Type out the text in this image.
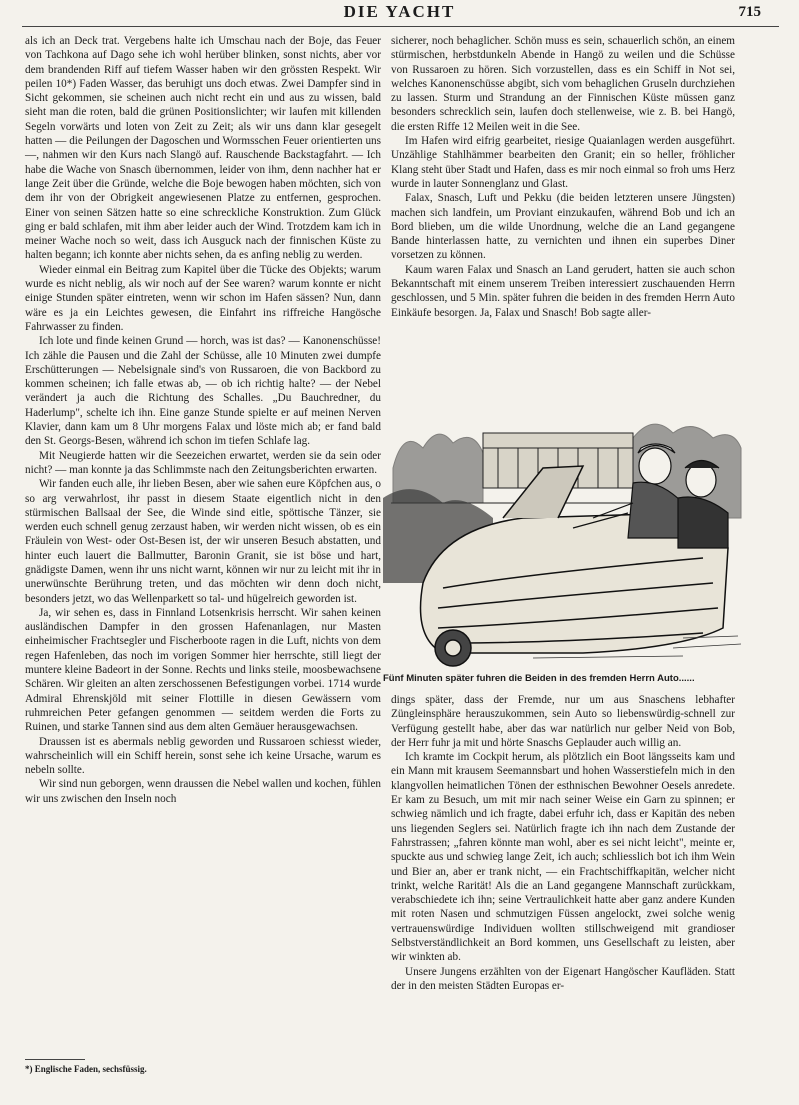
DIE YACHT	715

als ich an Deck trat. Vergebens halte ich Umschau nach der Boje, das Feuer von Tachkona auf Dago sehe ich wohl herüber blinken, sonst nichts, aber vor dem brandenden Riff auf tiefem Wasser haben wir den grössten Respekt. Wir peilen 10*) Faden Wasser, das beruhigt uns doch etwas. Zwei Dampfer sind in Sicht gekommen, sie scheinen auch nicht recht ein und aus zu wissen, bald sieht man die roten, bald die grünen Positionslichter; wir laufen mit killenden Segeln vorwärts und loten von Zeit zu Zeit; als wir uns dann klar gesegelt hatten — die Peilungen der Dagoschen und Wormsschen Feuer orientierten uns —, nahmen wir den Kurs nach Slangö auf. Rauschende Backstagfahrt. — Ich habe die Wache von Snasch übernommen, leider von ihm, denn nachher hat er lange Zeit über die Gründe, welche die Boje bewogen haben möchten, sich von dem ihr von der Obrigkeit angewiesenen Platze zu entfernen, gesprochen. Einer von seinen Sätzen hatte so eine schreckliche Konstruktion. Zum Glück ging er bald schlafen, mit ihm aber leider auch der Wind. Trotzdem kam ich in meiner Wache noch so weit, dass ich Ausguck nach der finnischen Küste zu halten begann; ich konnte aber nichts sehen, da es anfing neblig zu werden.

Wieder einmal ein Beitrag zum Kapitel über die Tücke des Objekts; warum wurde es nicht neblig, als wir noch auf der See waren? warum konnte er nicht einige Stunden später eintreten, wenn wir schon im Hafen sässen? Nun, dann wäre es ja ein Leichtes gewesen, die Einfahrt ins riffreiche Hangösche Fahrwasser zu finden.

Ich lote und finde keinen Grund — horch, was ist das? — Kanonenschüsse! Ich zähle die Pausen und die Zahl der Schüsse, alle 10 Minuten zwei dumpfe Erschütterungen — Nebelsignale sind's von Russaroen, die von Backbord zu kommen scheinen; ich falle etwas ab, — ob ich richtig halte? — der Nebel verändert ja auch die Richtung des Schalles. „Du Bauchredner, du Haderlump", schelte ich ihn. Eine ganze Stunde spielte er auf meinen Nerven Klavier, dann kam um 8 Uhr morgens Falax und löste mich ab; er fand bald den St. Georgs-Besen, während ich schon im tiefen Schlafe lag.

Mit Neugierde hatten wir die Seezeichen erwartet, werden sie da sein oder nicht? — man konnte ja das Schlimmste nach den Zeitungsberichten erwarten.

Wir fanden euch alle, ihr lieben Besen, aber wie sahen eure Köpfchen aus, o so arg verwahrlost, ihr passt in diesem Staate eigentlich nicht in den stürmischen Ballsaal der See, die Winde sind eitle, spöttische Tänzer, sie werden euch schnell genug zerzaust haben, wir werden nicht wissen, ob es ein Fräulein von West- oder Ost-Besen ist, der wir unseren Besuch abstatten, und hinter euch lauert die Ballmutter, Baronin Granit, sie ist böse und hart, gnädigste Damen, wenn ihr uns nicht warnt, können wir nur zu leicht mit ihr in unerwünschte Berührung treten, und das möchten wir denn doch nicht, besonders jetzt, wo das Wellenparkett so tal- und hügelreich geworden ist.

Ja, wir sehen es, dass in Finnland Lotsenkrisis herrscht. Wir sahen keinen ausländischen Dampfer in den grossen Hafenanlagen, nur Masten einheimischer Frachtsegler und Fischerboote ragen in die Luft, nichts von dem regen Hafenleben, das noch im vorigen Sommer hier herrschte, still liegt der muntere kleine Badeort in der Sonne. Rechts und links steile, moosbewachsene Schären. Wir gleiten an alten zerschossenen Befestigungen vorbei. 1714 wurde Admiral Ehrenskjöld mit seiner Flottille in diesen Gewässern vom ruhmreichen Peter gefangen genommen — seitdem werden die Forts zu Ruinen, und starke Tannen sind aus dem alten Gemäuer herausgewachsen.

Draussen ist es abermals neblig geworden und Russaroen schiesst wieder, wahrscheinlich will ein Schiff herein, sonst sehe ich keine Ursache, warum es nebeln sollte.

Wir sind nun geborgen, wenn draussen die Nebel wallen und kochen, fühlen wir uns zwischen den Inseln noch

*) Englische Faden, sechsfüssig.

sicherer, noch behaglicher. Schön muss es sein, schauerlich schön, an einem stürmischen, herbstdunkeln Abende in Hangö zu weilen und die Schüsse von Russaroen zu hören. Sich vorzustellen, dass es ein Schiff in Not sei, welches Kanonenschüsse abgibt, sich vom behaglichen Gruseln durchziehen zu lassen. Sturm und Strandung an der Finnischen Küste müssen ganz besonders schrecklich sein, laufen doch stellenweise, wie z. B. bei Hangö, die ersten Riffe 12 Meilen weit in die See.

Im Hafen wird eifrig gearbeitet, riesige Quaianlagen werden ausgeführt. Unzählige Stahlhämmer bearbeiten den Granit; ein so heller, fröhlicher Klang steht über Stadt und Hafen, dass es mir noch einmal so froh ums Herz wurde in lauter Sonnenglanz und Glast.

Falax, Snasch, Luft und Pekku (die beiden letzteren unsere Jüngsten) machen sich landfein, um Proviant einzukaufen, während Bob und ich an Bord blieben, um die wilde Unordnung, welche die an Land gegangene Bande hinterlassen hatte, zu vernichten und ihnen ein superbes Diner vorsetzen zu können.

Kaum waren Falax und Snasch an Land gerudert, hatten sie auch schon Bekanntschaft mit einem unserem Treiben interessiert zuschauenden Herrn geschlossen, und 5 Min. später fuhren die beiden in des fremden Herrn Auto Einkäufe besorgen. Ja, Falax und Snasch! Bob sagte aller-

Fünf Minuten später fuhren die Beiden in des fremden Herrn Auto......

dings später, dass der Fremde, nur um aus Snaschens lebhafter Züngleinsphäre herauszukommen, sein Auto so liebenswürdig-schnell zur Verfügung gestellt habe, aber das war natürlich nur gelber Neid von Bob, der Herr fuhr ja mit und hörte Snaschs Geplauder auch willig an.

Ich kramte im Cockpit herum, als plötzlich ein Boot längsseits kam und ein Mann mit krausem Seemannsbart und hohen Wasserstiefeln mich in den klangvollen heimatlichen Tönen der esthnischen Bewohner Oesels anredete. Er kam zu Besuch, um mit mir nach seiner Weise ein Garn zu spinnen; er schwieg nämlich und ich fragte, dabei erfuhr ich, dass er Kapitän des neben uns liegenden Seglers sei. Natürlich fragte ich ihn nach dem Zustande der Fahrstrassen; „fahren könnte man wohl, aber es sei nicht leicht", meinte er, spuckte aus und schwieg lange Zeit, ich auch; schliesslich bot ich ihm Wein und Bier an, aber er trank nicht, — ein Frachtschiffkapitän, welcher nicht trinkt, welche Rarität! Als die an Land gegangene Mannschaft zurückkam, verabschiedete ich ihn; seine Vertraulichkeit hatte aber ganz andere Kunden mit roten Nasen und schmutzigen Füssen angelockt, zwei solche wenig vertrauenswürdige Individuen wollten stillschweigend mit grandioser Selbstverständlichkeit an Bord kommen, uns Gesellschaft zu leisten, aber wir winkten ab.

Unsere Jungens erzählten von der Eigenart Hangöscher Kaufläden. Statt der in den meisten Städten Europas er-
